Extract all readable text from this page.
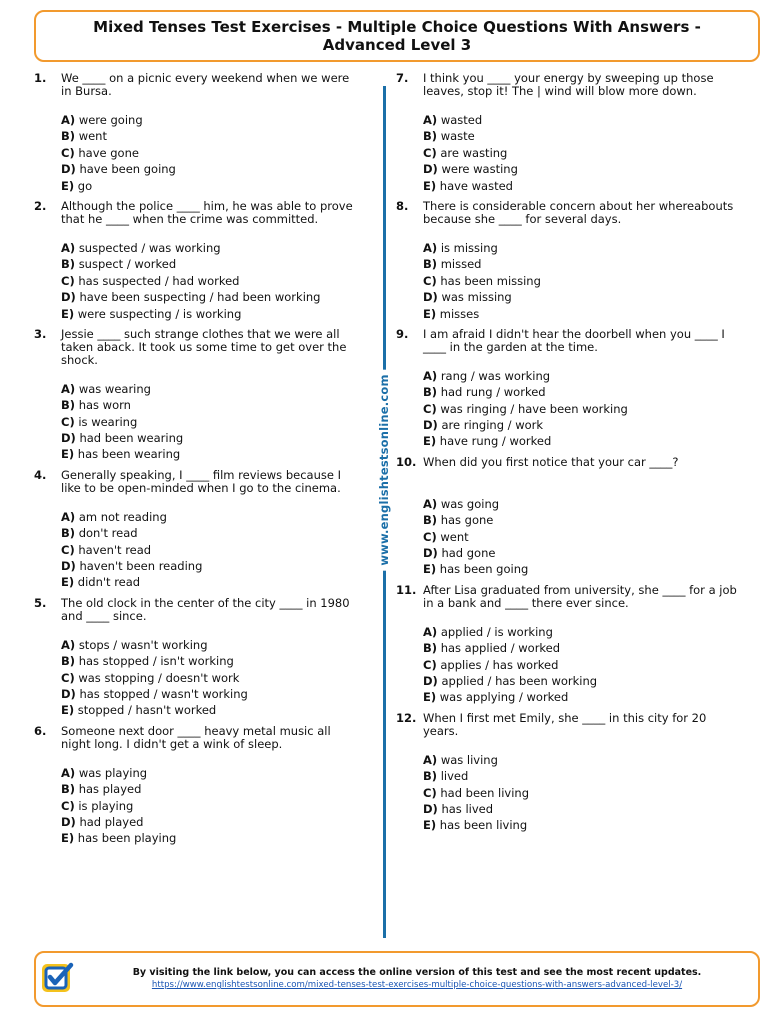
Mixed Tenses Test Exercises - Multiple Choice Questions With Answers -
Advanced Level 3
1. We ____ on a picnic every weekend when we were in Bursa.
A) were going
B) went
C) have gone
D) have been going
E) go
2. Although the police ____ him, he was able to prove that he ____ when the crime was committed.
A) suspected / was working
B) suspect / worked
C) has suspected / had worked
D) have been suspecting / had been working
E) were suspecting / is working
3. Jessie ____ such strange clothes that we were all taken aback. It took us some time to get over the shock.
A) was wearing
B) has worn
C) is wearing
D) had been wearing
E) has been wearing
4. Generally speaking, I ____ film reviews because I like to be open-minded when I go to the cinema.
A) am not reading
B) don't read
C) haven't read
D) haven't been reading
E) didn't read
5. The old clock in the center of the city ____ in 1980 and ____ since.
A) stops / wasn't working
B) has stopped / isn't working
C) was stopping / doesn't work
D) has stopped / wasn't working
E) stopped / hasn't worked
6. Someone next door ____ heavy metal music all night long. I didn't get a wink of sleep.
A) was playing
B) has played
C) is playing
D) had played
E) has been playing
www.englishtestsonline.com
7. I think you ____ your energy by sweeping up those leaves, stop it! The | wind will blow more down.
A) wasted
B) waste
C) are wasting
D) were wasting
E) have wasted
8. There is considerable concern about her whereabouts because she ____ for several days.
A) is missing
B) missed
C) has been missing
D) was missing
E) misses
9. I am afraid I didn't hear the doorbell when you ____ I ____ in the garden at the time.
A) rang / was working
B) had rung / worked
C) was ringing / have been working
D) are ringing / work
E) have rung / worked
10. When did you first notice that your car ____?
A) was going
B) has gone
C) went
D) had gone
E) has been going
11. After Lisa graduated from university, she ____ for a job in a bank and ____ there ever since.
A) applied / is working
B) has applied / worked
C) applies / has worked
D) applied / has been working
E) was applying / worked
12. When I first met Emily, she ____ in this city for 20 years.
A) was living
B) lived
C) had been living
D) has lived
E) has been living
By visiting the link below, you can access the online version of this test and see the most recent updates.
https://www.englishtestsonline.com/mixed-tenses-test-exercises-multiple-choice-questions-with-answers-advanced-level-3/
